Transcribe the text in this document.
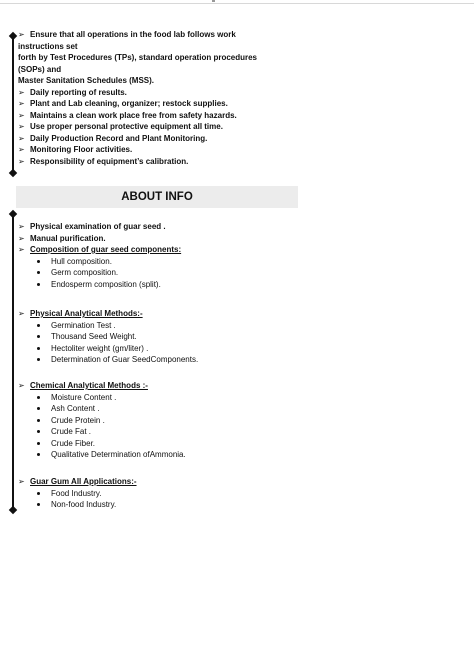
➢ Ensure that all operations in the food lab follows work
instructions set
forth by Test Procedures (TPs), standard operation procedures
(SOPs) and
Master Sanitation Schedules (MSS).
➢ Daily reporting of results.
➢ Plant and Lab cleaning, organizer; restock supplies.
➢ Maintains a clean work place free from safety hazards.
➢ Use proper personal protective equipment all time.
➢ Daily Production Record and Plant Monitoring.
➢ Monitoring Floor activities.
➢ Responsibility of equipment’s calibration.
ABOUT INFO
➢ Physical examination of guar seed .
➢ Manual purification.
➢ Composition of guar seed components:
Hull composition.
Germ composition.
Endosperm composition (split).
➢ Physical Analytical Methods:-
Germination Test .
Thousand Seed Weight.
Hectoliter weight (gm/liter) .
Determination of Guar SeedComponents.
➢ Chemical Analytical Methods :-
Moisture Content .
Ash Content .
Crude Protein .
Crude Fat .
Crude Fiber.
Qualitative Determination ofAmmonia.
➢ Guar Gum All Applications:-
Food Industry.
Non-food Industry.
